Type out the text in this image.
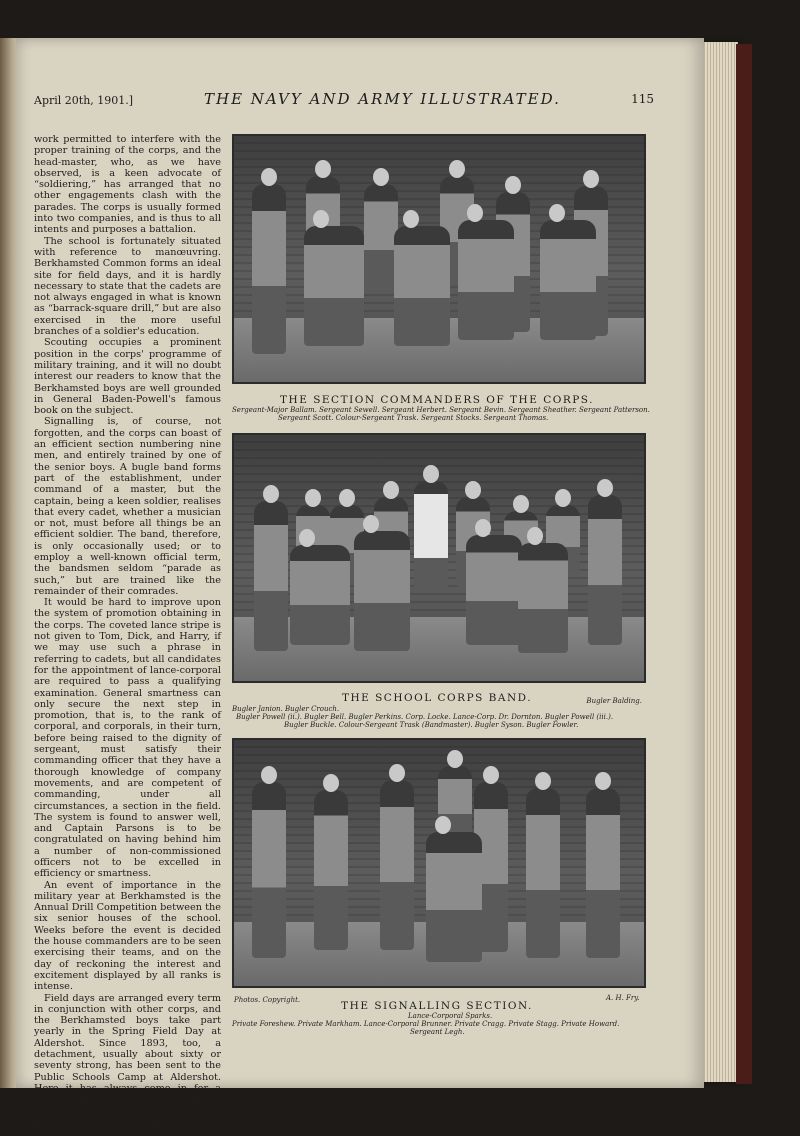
April 20th, 1901.]	THE NAVY AND ARMY ILLUSTRATED.	115

work permitted to interfere with the proper training of the corps, and the head-master, who, as we have observed, is a keen advocate of “soldiering,” has arranged that no other engagements clash with the parades. The corps is usually formed into two companies, and is thus to all intents and purposes a battalion.

The school is fortunately situated with reference to manœuvring. Berkhamsted Common forms an ideal site for field days, and it is hardly necessary to state that the cadets are not always engaged in what is known as “barrack-square drill,” but are also exercised in the more useful branches of a soldier's education.

Scouting occupies a prominent position in the corps' programme of military training, and it will no doubt interest our readers to know that the Berkhamsted boys are well grounded in General Baden-Powell's famous book on the subject.

Signalling is, of course, not forgotten, and the corps can boast of an efficient section numbering nine men, and entirely trained by one of the senior boys. A bugle band forms part of the establishment, under command of a master, but the captain, being a keen soldier, realises that every cadet, whether a musician or not, must before all things be an efficient soldier. The band, therefore, is only occasionally used; or to employ a well-known official term, the bandsmen seldom “parade as such,” but are trained like the remainder of their comrades.

It would be hard to improve upon the system of promotion obtaining in the corps. The coveted lance stripe is not given to Tom, Dick, and Harry, if we may use such a phrase in referring to cadets, but all candidates for the appointment of lance-corporal are required to pass a qualifying examination. General smartness can only secure the next step in promotion, that is, to the rank of corporal, and corporals, in their turn, before being raised to the dignity of sergeant, must satisfy their commanding officer that they have a thorough knowledge of company movements, and are competent of commanding, under all circumstances, a section in the field. The system is found to answer well, and Captain Parsons is to be congratulated on having behind him a number of non-commissioned officers not to be excelled in efficiency or smartness.

An event of importance in the military year at Berkhamsted is the Annual Drill Competition between the six senior houses of the school. Weeks before the event is decided the house commanders are to be seen exercising their teams, and on the day of reckoning the interest and excitement displayed by all ranks is intense.

Field days are arranged every term in conjunction with other corps, and the Berkhamsted boys take part yearly in the Spring Field Day at Aldershot. Since 1893, too, a detachment, usually about sixty or seventy strong, has been sent to the Public Schools Camp at Aldershot. Here it has always come in for a share of praise. In 1898 especially it won distinction, and was one of the five corps specially commended

THE SECTION COMMANDERS OF THE CORPS.
Sergeant-Major Ballam. Sergeant Sewell. Sergeant Herbert. Sergeant Bevin. Sergeant Sheather. Sergeant Patterson.
Sergeant Scott. Colour-Sergeant Trask. Sergeant Stocks. Sergeant Thomas.
THE SCHOOL CORPS BAND.	Bugler Balding.
Bugler Janion. Bugler Crouch.
Bugler Powell (ii.). Bugler Bell. Bugler Perkins. Corp. Locke. Lance-Corp. Dr. Dornton. Bugler Powell (iii.).
Bugler Buckle. Colour-Sergeant Trask (Bandmaster). Bugler Syson. Bugler Fowler.
Photos. Copyright.	A. H. Fry.
THE SIGNALLING SECTION.
Lance-Corporal Sparks.
Private Foreshew. Private Markham. Lance-Corporal Brunner. Private Cragg. Private Stagg. Private Howard.
Sergeant Legh.
